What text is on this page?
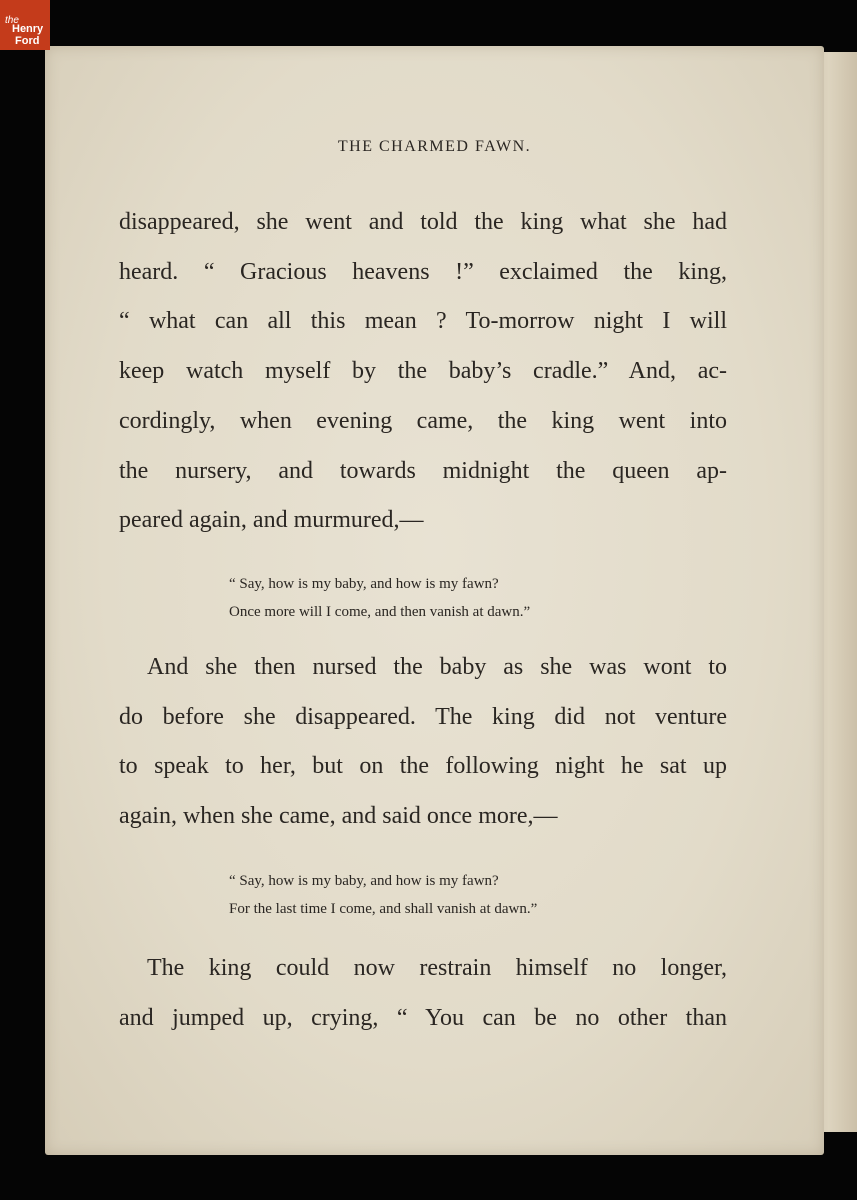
the
Henry
Ford
THE CHARMED FAWN.

disappeared, she went and told the king what she had
heard. “ Gracious heavens !” exclaimed the king,
“ what can all this mean ? To-morrow night I will
keep watch myself by the baby’s cradle.” And, ac-
cordingly, when evening came, the king went into
the nursery, and towards midnight the queen ap-
peared again, and murmured,—

“ Say, how is my baby, and how is my fawn?
Once more will I come, and then vanish at dawn.”

And she then nursed the baby as she was wont to
do before she disappeared. The king did not venture
to speak to her, but on the following night he sat up
again, when she came, and said once more,—

“ Say, how is my baby, and how is my fawn?
For the last time I come, and shall vanish at dawn.”

The king could now restrain himself no longer,
and jumped up, crying, “ You can be no other than
